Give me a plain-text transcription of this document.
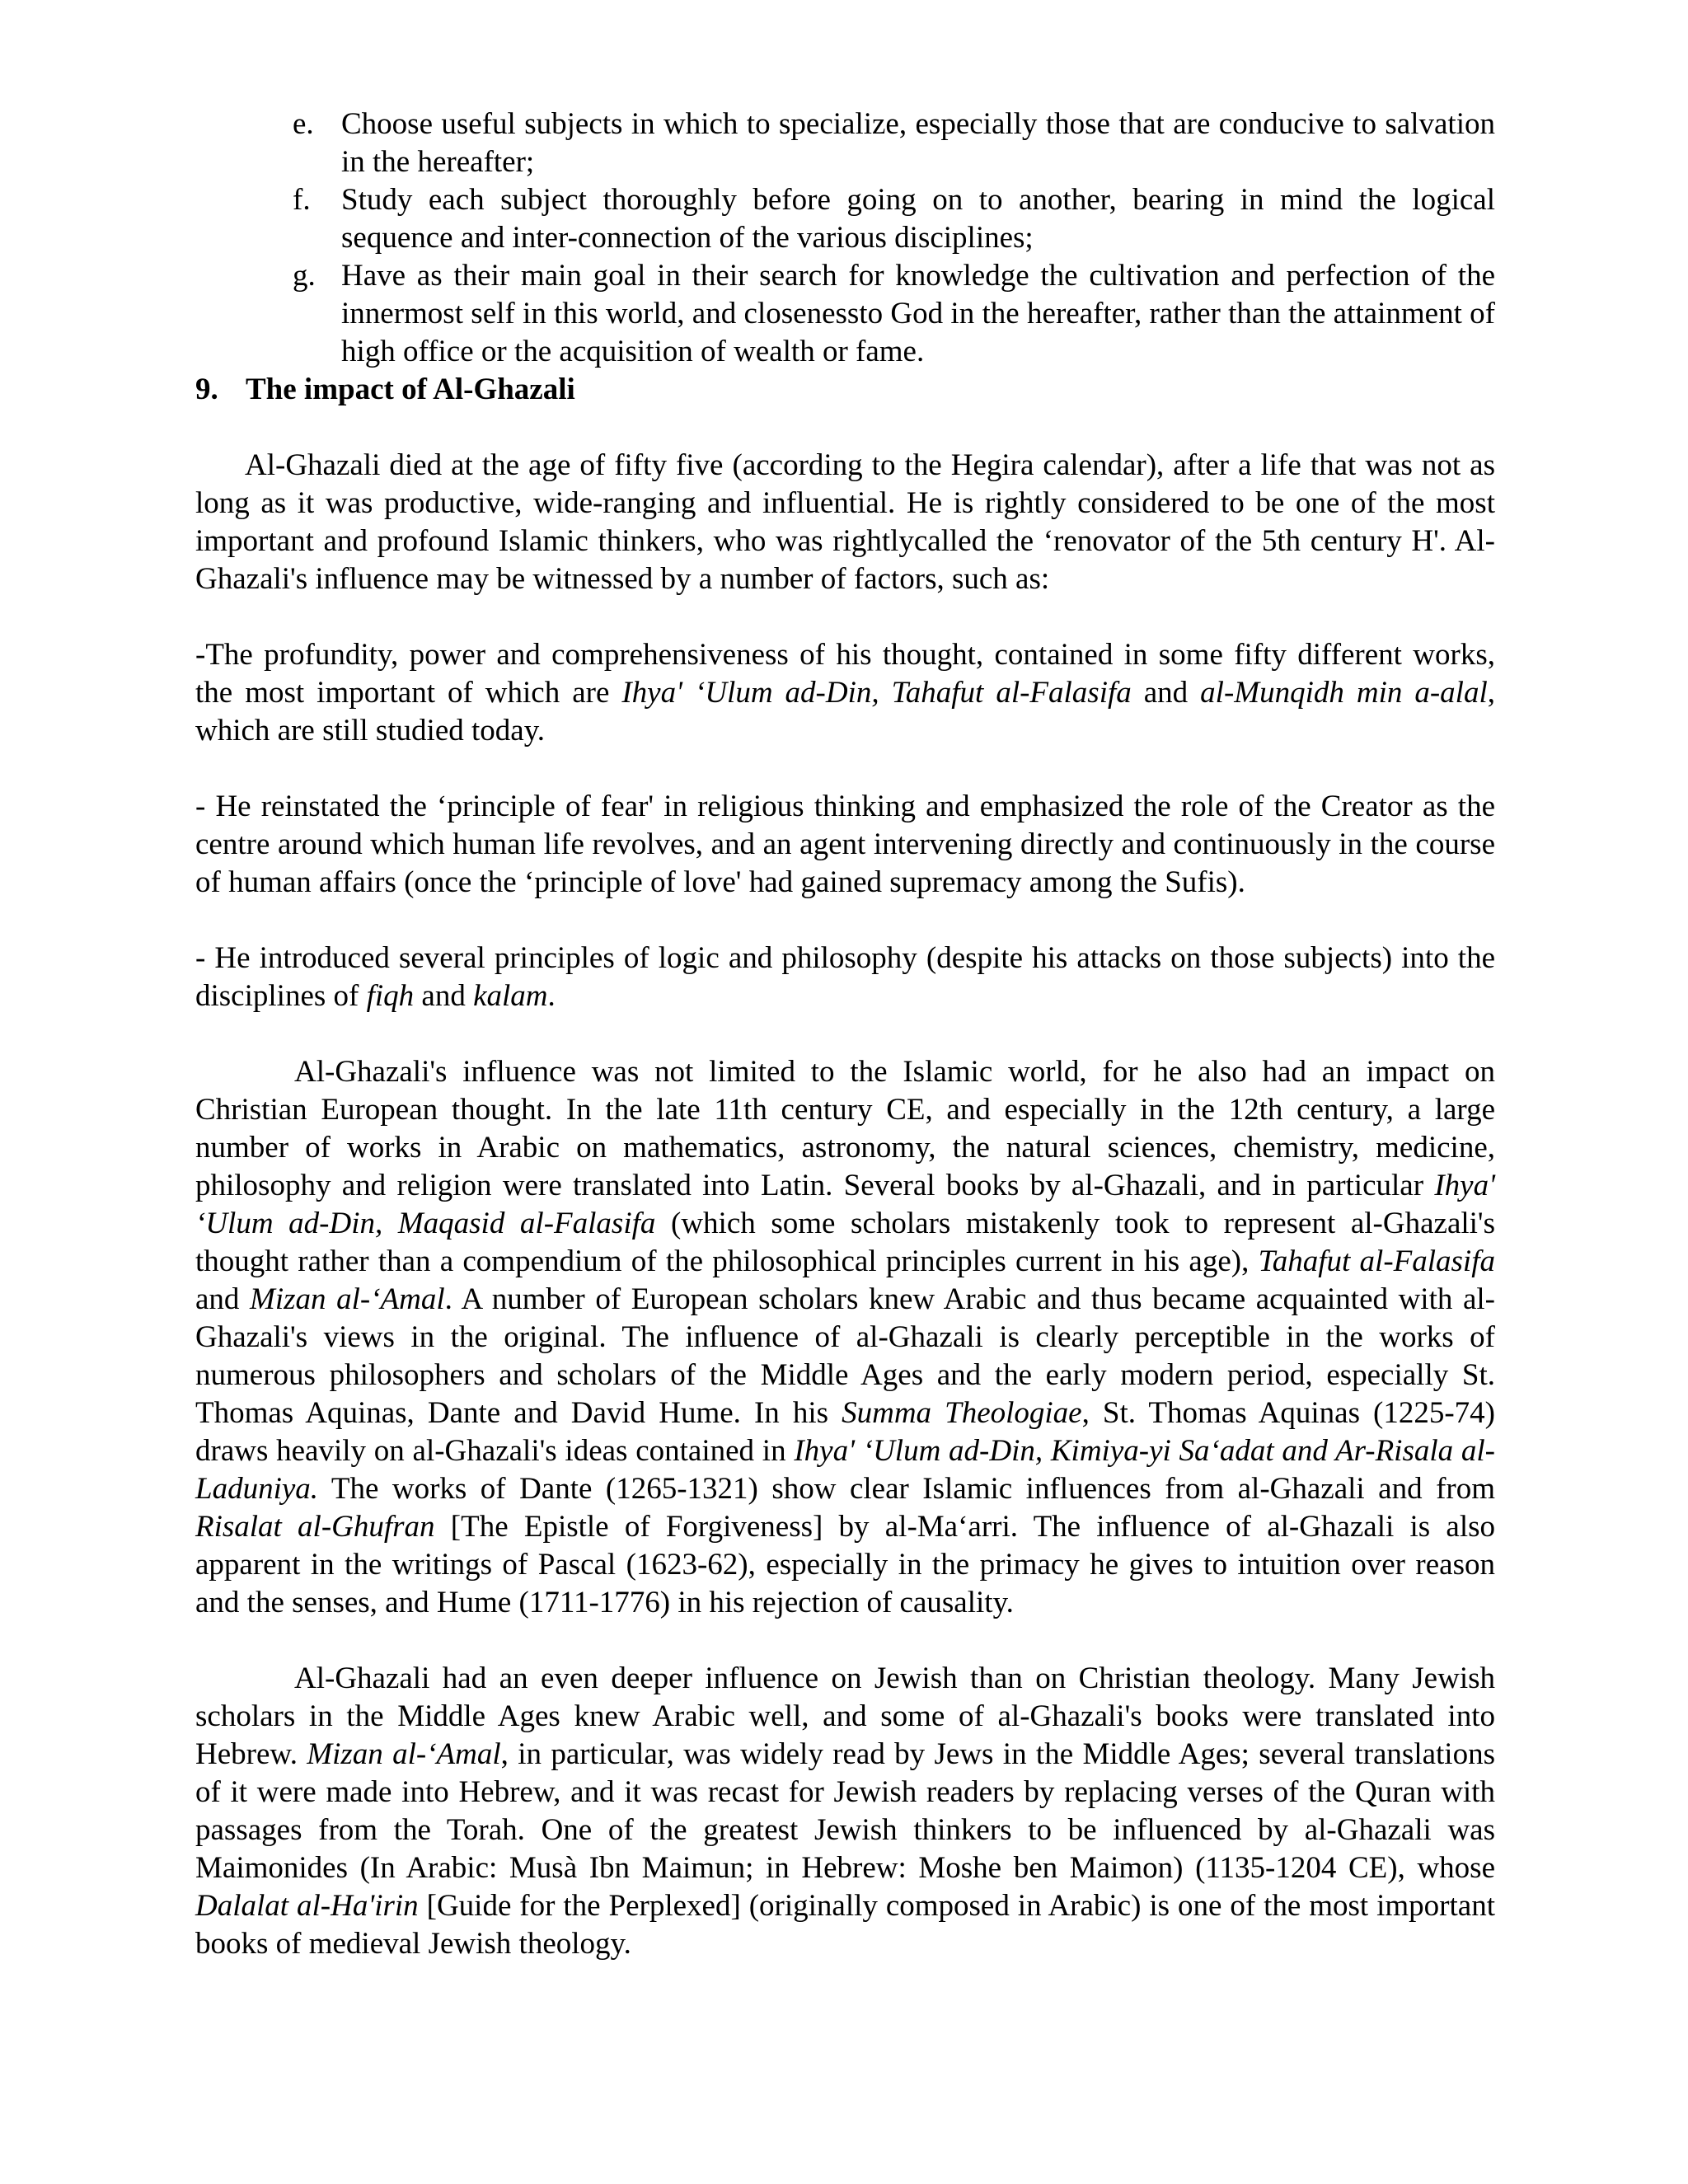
e. Choose useful subjects in which to specialize, especially those that are conducive to salvation in the hereafter;
f. Study each subject thoroughly before going on to another, bearing in mind the logical sequence and inter-connection of the various disciplines;
g. Have as their main goal in their search for knowledge the cultivation and perfection of the innermost self in this world, and closenessto God in the hereafter, rather than the attainment of high office or the acquisition of wealth or fame.
9. The impact of Al-Ghazali

Al-Ghazali died at the age of fifty five (according to the Hegira calendar), after a life that was not as long as it was productive, wide-ranging and influential. He is rightly considered to be one of the most important and profound Islamic thinkers, who was rightlycalled the ‘renovator of the 5th century H'. Al-Ghazali's influence may be witnessed by a number of factors, such as:

-The profundity, power and comprehensiveness of his thought, contained in some fifty different works, the most important of which are Ihya' ‘Ulum ad-Din, Tahafut al-Falasifa and al-Munqidh min a-alal, which are still studied today.

- He reinstated the ‘principle of fear' in religious thinking and emphasized the role of the Creator as the centre around which human life revolves, and an agent intervening directly and continuously in the course of human affairs (once the ‘principle of love' had gained supremacy among the Sufis).

- He introduced several principles of logic and philosophy (despite his attacks on those subjects) into the disciplines of fiqh and kalam.

Al-Ghazali's influence was not limited to the Islamic world, for he also had an impact on Christian European thought. In the late 11th century CE, and especially in the 12th century, a large number of works in Arabic on mathematics, astronomy, the natural sciences, chemistry, medicine, philosophy and religion were translated into Latin. Several books by al-Ghazali, and in particular Ihya' ‘Ulum ad-Din, Maqasid al-Falasifa (which some scholars mistakenly took to represent al-Ghazali's thought rather than a compendium of the philosophical principles current in his age), Tahafut al-Falasifa and Mizan al-‘Amal. A number of European scholars knew Arabic and thus became acquainted with al-Ghazali's views in the original. The influence of al-Ghazali is clearly perceptible in the works of numerous philosophers and scholars of the Middle Ages and the early modern period, especially St. Thomas Aquinas, Dante and David Hume. In his Summa Theologiae, St. Thomas Aquinas (1225-74) draws heavily on al-Ghazali's ideas contained in Ihya' ‘Ulum ad-Din, Kimiya-yi Sa‘adat and Ar-Risala al-Laduniya. The works of Dante (1265-1321) show clear Islamic influences from al-Ghazali and from Risalat al-Ghufran [The Epistle of Forgiveness] by al-Ma‘arri. The influence of al-Ghazali is also apparent in the writings of Pascal (1623-62), especially in the primacy he gives to intuition over reason and the senses, and Hume (1711-1776) in his rejection of causality.

Al-Ghazali had an even deeper influence on Jewish than on Christian theology. Many Jewish scholars in the Middle Ages knew Arabic well, and some of al-Ghazali's books were translated into Hebrew. Mizan al-‘Amal, in particular, was widely read by Jews in the Middle Ages; several translations of it were made into Hebrew, and it was recast for Jewish readers by replacing verses of the Quran with passages from the Torah. One of the greatest Jewish thinkers to be influenced by al-Ghazali was Maimonides (In Arabic: Musà Ibn Maimun; in Hebrew: Moshe ben Maimon) (1135-1204 CE), whose Dalalat al-Ha'irin [Guide for the Perplexed] (originally composed in Arabic) is one of the most important books of medieval Jewish theology.
